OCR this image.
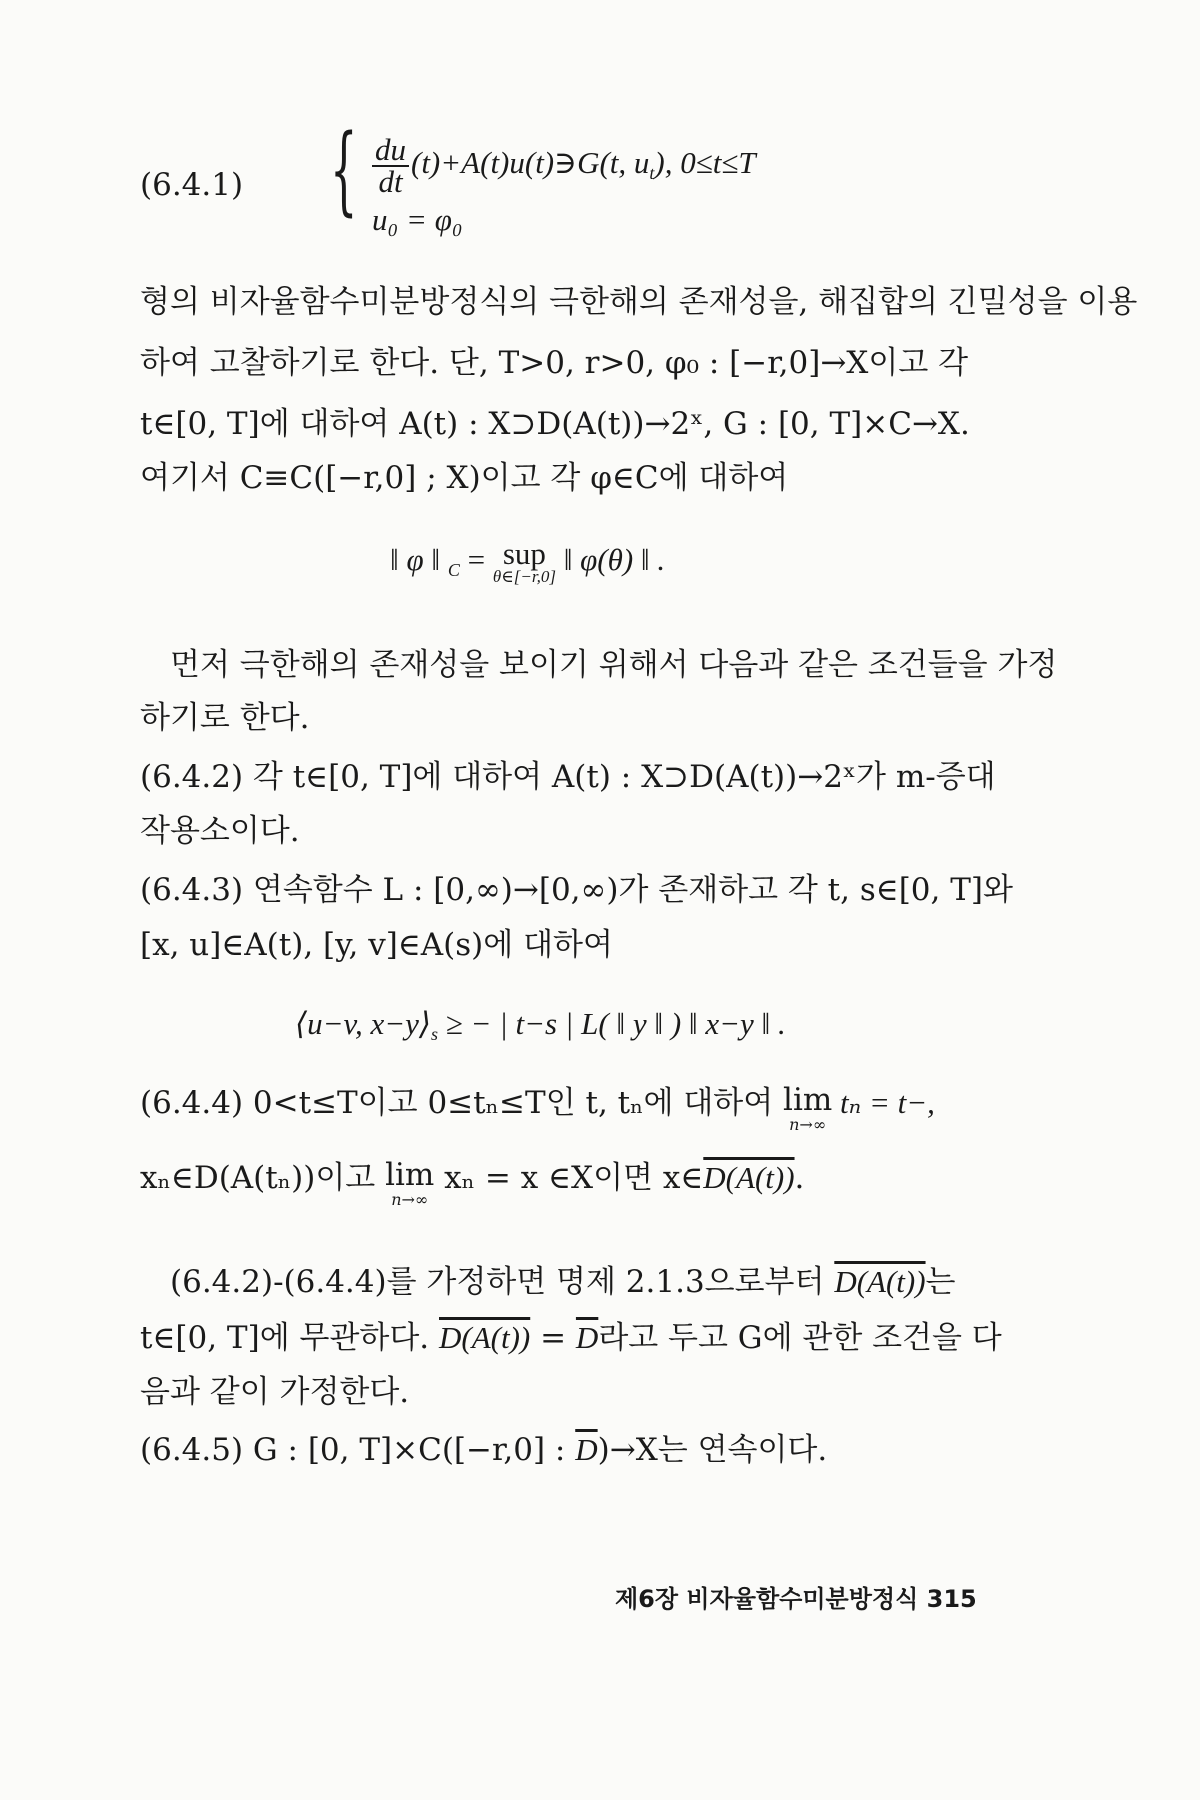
(6.4.1) { $\frac{du}{dt}$ (t)+A(t)u(t)∋G(t, $u_t$), 0≤t≤T
u₀ = φ₀
형의 비자율함수미분방정식의 극한해의 존재성을, 해집합의 긴밀성을 이용
하여 고찰하기로 한다. 단, T>0, r>0, φ₀ : [−r,0]→X이고 각
t∈[0, T]에 대하여 A(t) : X⊃D(A(t))→2ˣ, G : [0, T]×C→X.
여기서 C≡C([−r,0] ; X)이고 각 φ∈C에 대하여
‖ φ ‖ $_C$ = sup
θ∈[−r,0] ‖ φ(θ) ‖ .
먼저 극한해의 존재성을 보이기 위해서 다음과 같은 조건들을 가정
하기로 한다.
(6.4.2) 각 t∈[0, T]에 대하여 A(t) : X⊃D(A(t))→2ˣ가 m-증대
작용소이다.
(6.4.3) 연속함수 L : [0,∞)→[0,∞)가 존재하고 각 t, s∈[0, T]와
[x, u]∈A(t), [y, v]∈A(s)에 대하여
⟨u−v, $x-y⟩_s$ ≥ − | t−s | L( ‖ y ‖ ) ‖ x−y ‖ .
(6.4.4) 0<t≤T이고 0≤tₙ≤T인 t, tₙ에 대하여 lim
n→∞
tₙ = t−,
xₙ∈D(A(tₙ))이고 lim
n→∞
xₙ = x ∈X이면 x∈D(A(t)).
(6.4.2)-(6.4.4)를 가정하면 명제 2.1.3으로부터 D(A(t))는
t∈[0, T]에 무관하다. $D(A(t)) = \overline{D}$라고 두고 G에 관한 조건을 다
음과 같이 가정한다.
(6.4.5) G : [0, T]×C([−r,0] : $\overline{D})\to X$는 연속이다.
제6장 비자율함수미분방정식 315
